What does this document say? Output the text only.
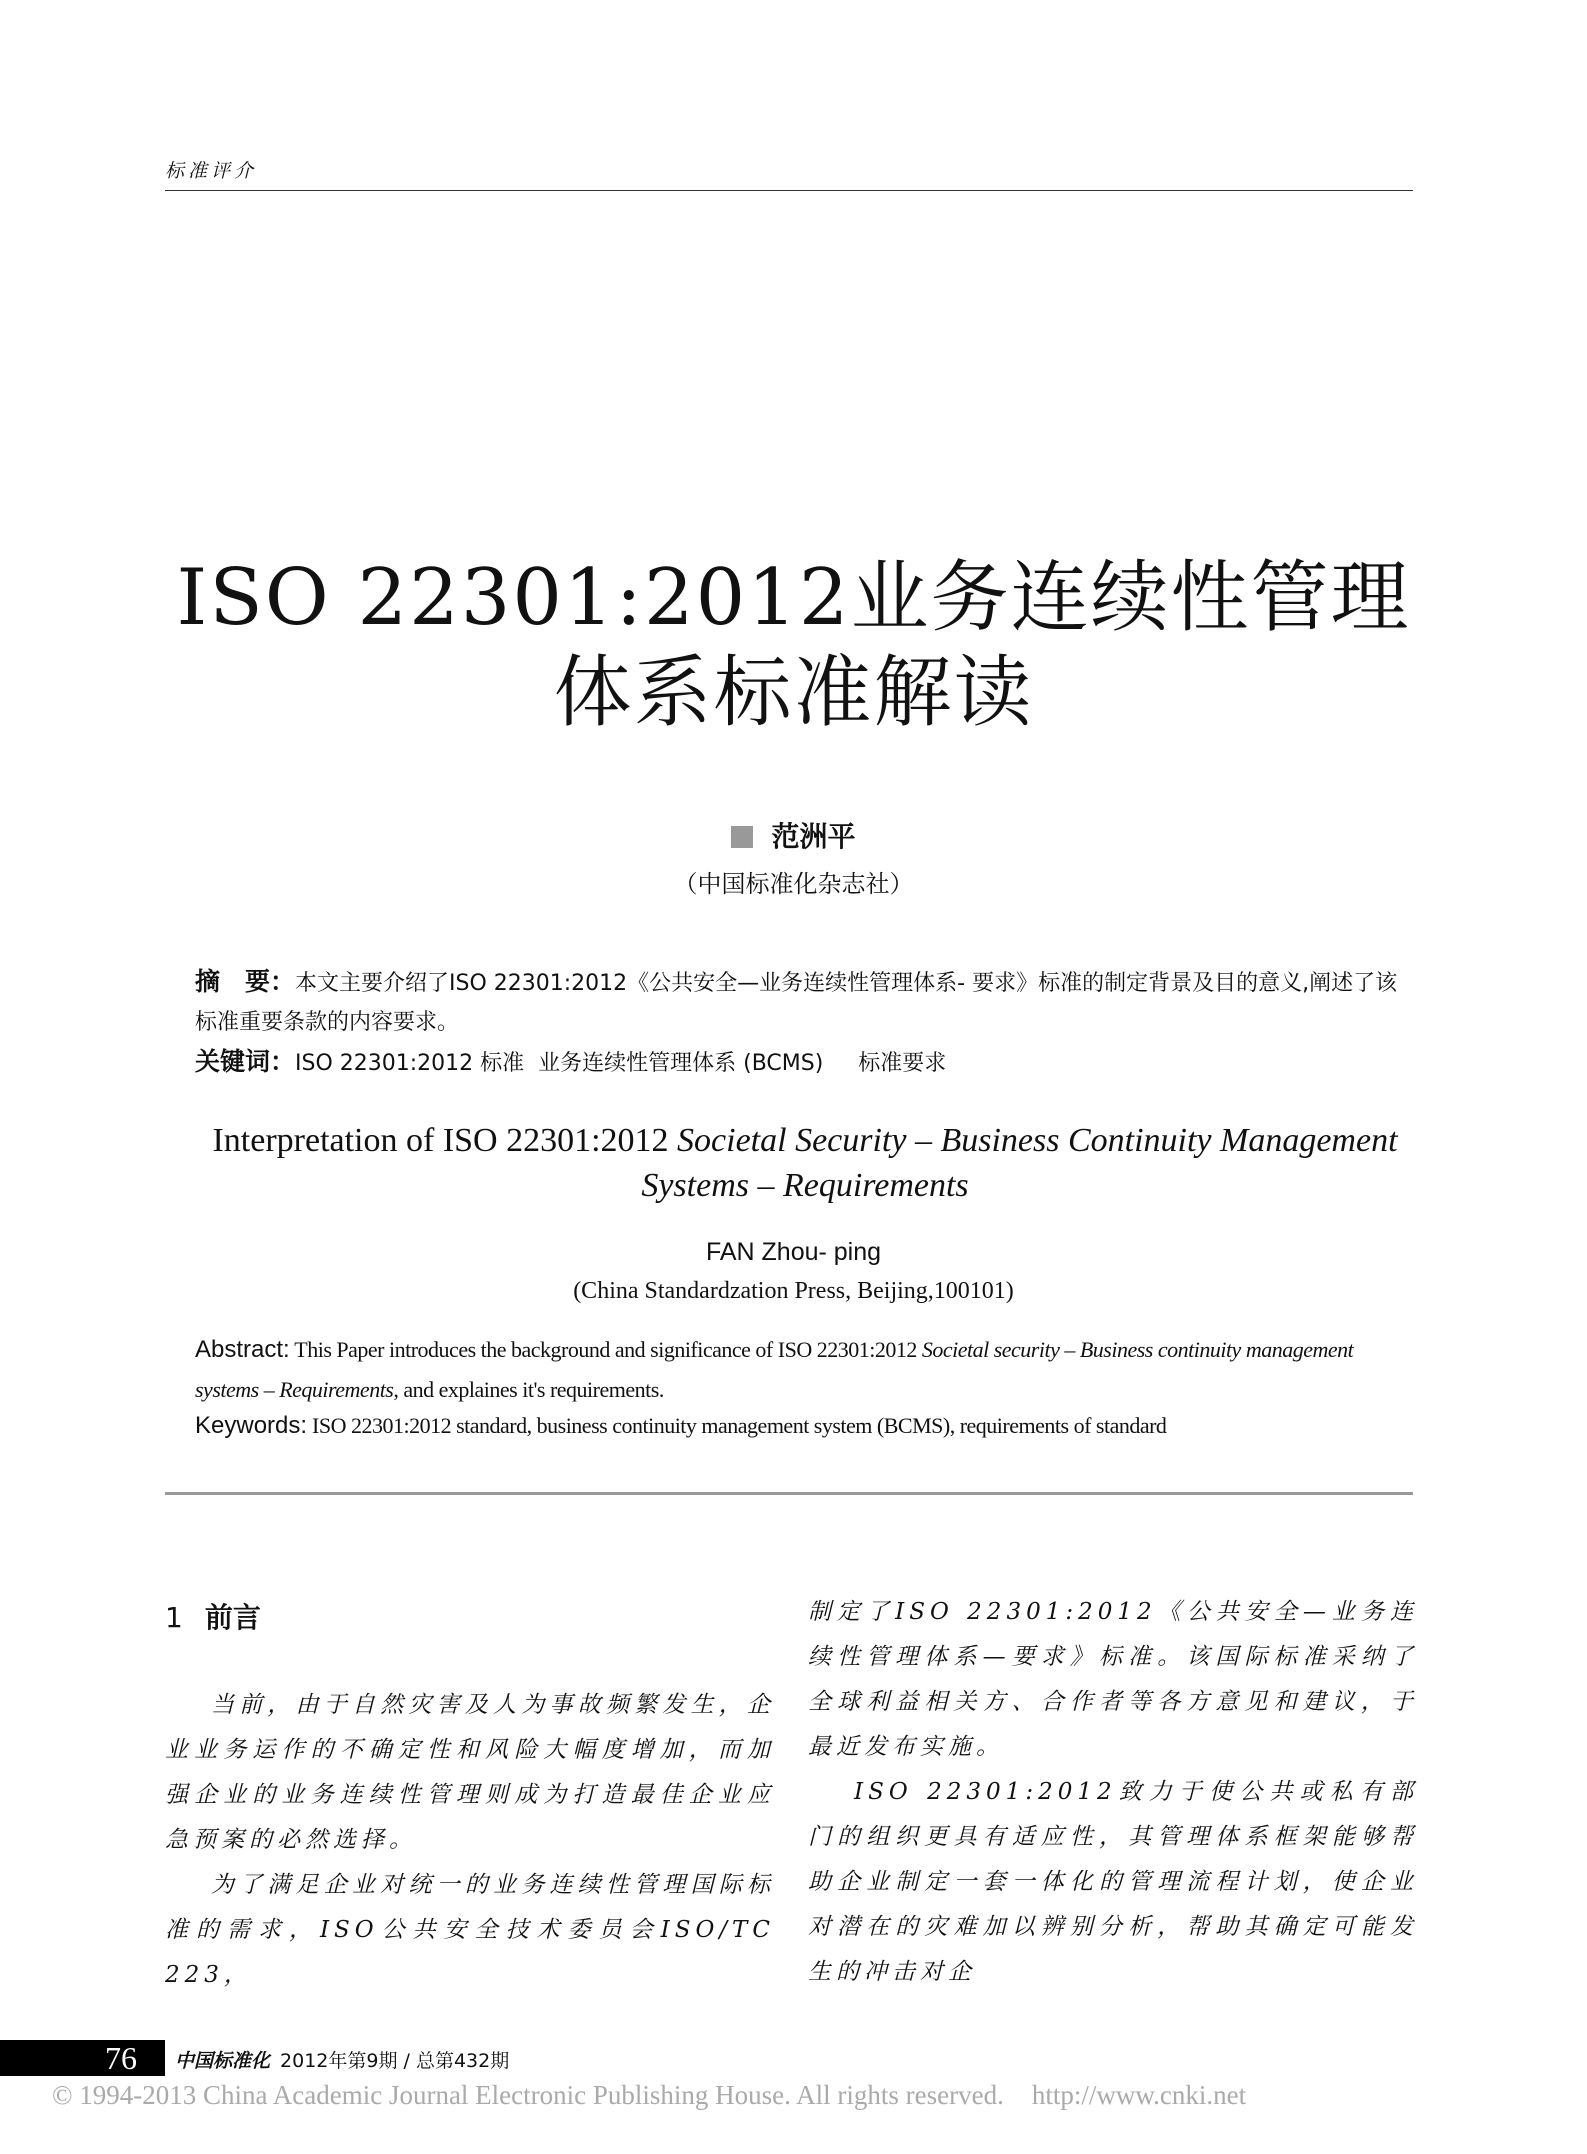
标准评介
ISO 22301:2012业务连续性管理
体系标准解读
范洲平
（中国标准化杂志社）
摘　要：本文主要介绍了ISO 22301:2012《公共安全—业务连续性管理体系- 要求》标准的制定背景及目的意义,阐述了该标准重要条款的内容要求。
关键词：ISO 22301:2012 标准  业务连续性管理体系 (BCMS)     标准要求
Interpretation of ISO 22301:2012 Societal Security – Business Continuity Management
Systems – Requirements
FAN Zhou- ping
(China Standardzation Press, Beijing,100101)
Abstract: This Paper introduces the background and significance of ISO 22301:2012 Societal security – Business continuity management systems – Requirements, and explaines it's requirements.
Keywords: ISO 22301:2012 standard, business continuity management system (BCMS), requirements of standard
1 前言

当前，由于自然灾害及人为事故频繁发生，企业业务运作的不确定性和风险大幅度增加，而加强企业的业务连续性管理则成为打造最佳企业应急预案的必然选择。

为了满足企业对统一的业务连续性管理国际标准的需求，ISO公共安全技术委员会ISO/TC 223，

制定了ISO 22301:2012《公共安全—业务连续性管理体系—要求》标准。该国际标准采纳了全球利益相关方、合作者等各方意见和建议，于最近发布实施。

ISO 22301:2012致力于使公共或私有部门的组织更具有适应性，其管理体系框架能够帮助企业制定一套一体化的管理流程计划，使企业对潜在的灾难加以辨别分析，帮助其确定可能发生的冲击对企

76	中国标准化 2012年第9期 / 总第432期
© 1994-2013 China Academic Journal Electronic Publishing House. All rights reserved. http://www.cnki.net
